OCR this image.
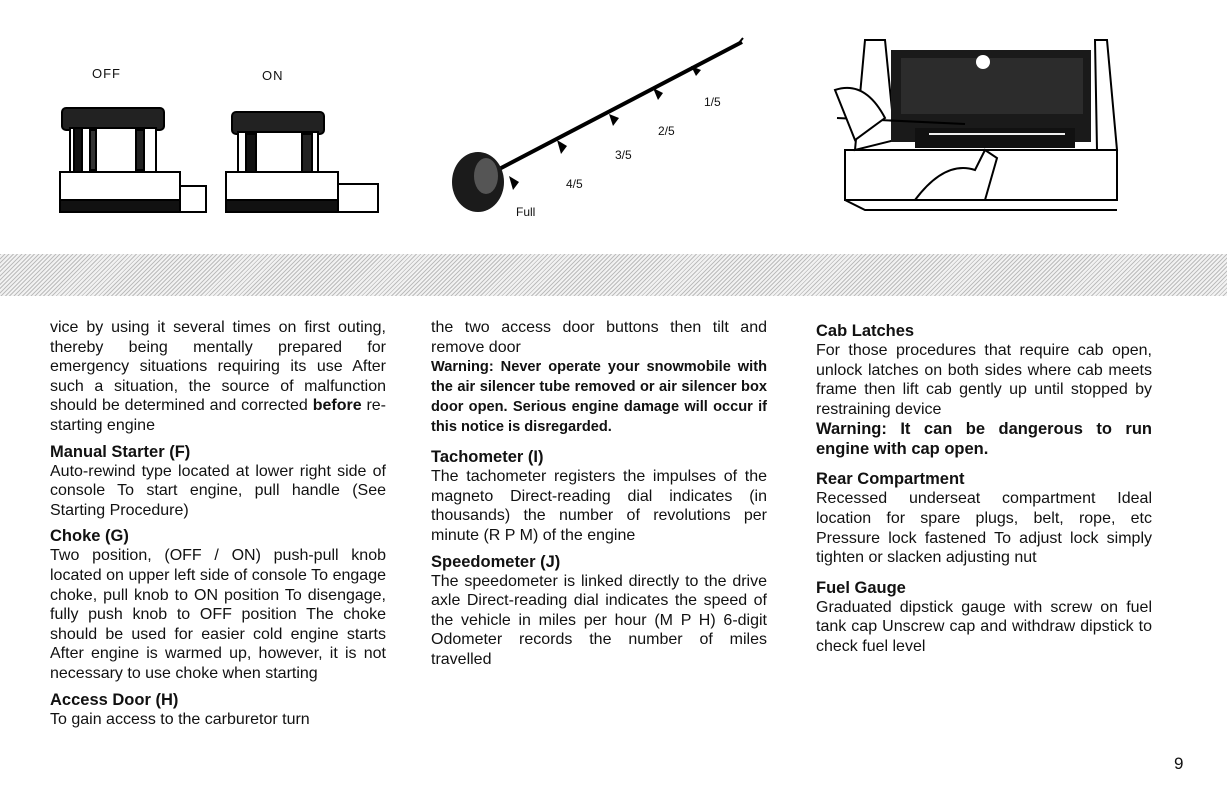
OFF	ON
1/5
2/5
3/5
4/5
Full

vice by using it several times on first outing, thereby being mentally prepared for emergency situations requiring its use After such a situation, the source of malfunction should be determined and corrected before re-starting engine

Manual Starter (F)

Auto-rewind type located at lower right side of console To start engine, pull handle (See Starting Procedure)

Choke (G)

Two position, (OFF / ON) push-pull knob located on upper left side of console To engage choke, pull knob to ON position To disengage, fully push knob to OFF position The choke should be used for easier cold engine starts After engine is warmed up, however, it is not necessary to use choke when starting

Access Door (H)

To gain access to the carburetor turn

the two access door buttons then tilt and remove door

Warning: Never operate your snowmobile with the air silencer tube removed or air silencer box door open. Serious engine damage will occur if this notice is disregarded.

Tachometer (I)

The tachometer registers the impulses of the magneto Direct-reading dial indicates (in thousands) the number of revolutions per minute (R P M) of the engine

Speedometer (J)

The speedometer is linked directly to the drive axle Direct-reading dial indicates the speed of the vehicle in miles per hour (M P H) 6-digit Odometer records the number of miles travelled

Cab Latches

For those procedures that require cab open, unlock latches on both sides where cab meets frame then lift cab gently up until stopped by restraining device

Warning: It can be dangerous to run engine with cap open.

Rear Compartment

Recessed underseat compartment Ideal location for spare plugs, belt, rope, etc Pressure lock fastened To adjust lock simply tighten or slacken adjusting nut

Fuel Gauge

Graduated dipstick gauge with screw on fuel tank cap Unscrew cap and withdraw dipstick to check fuel level

9
